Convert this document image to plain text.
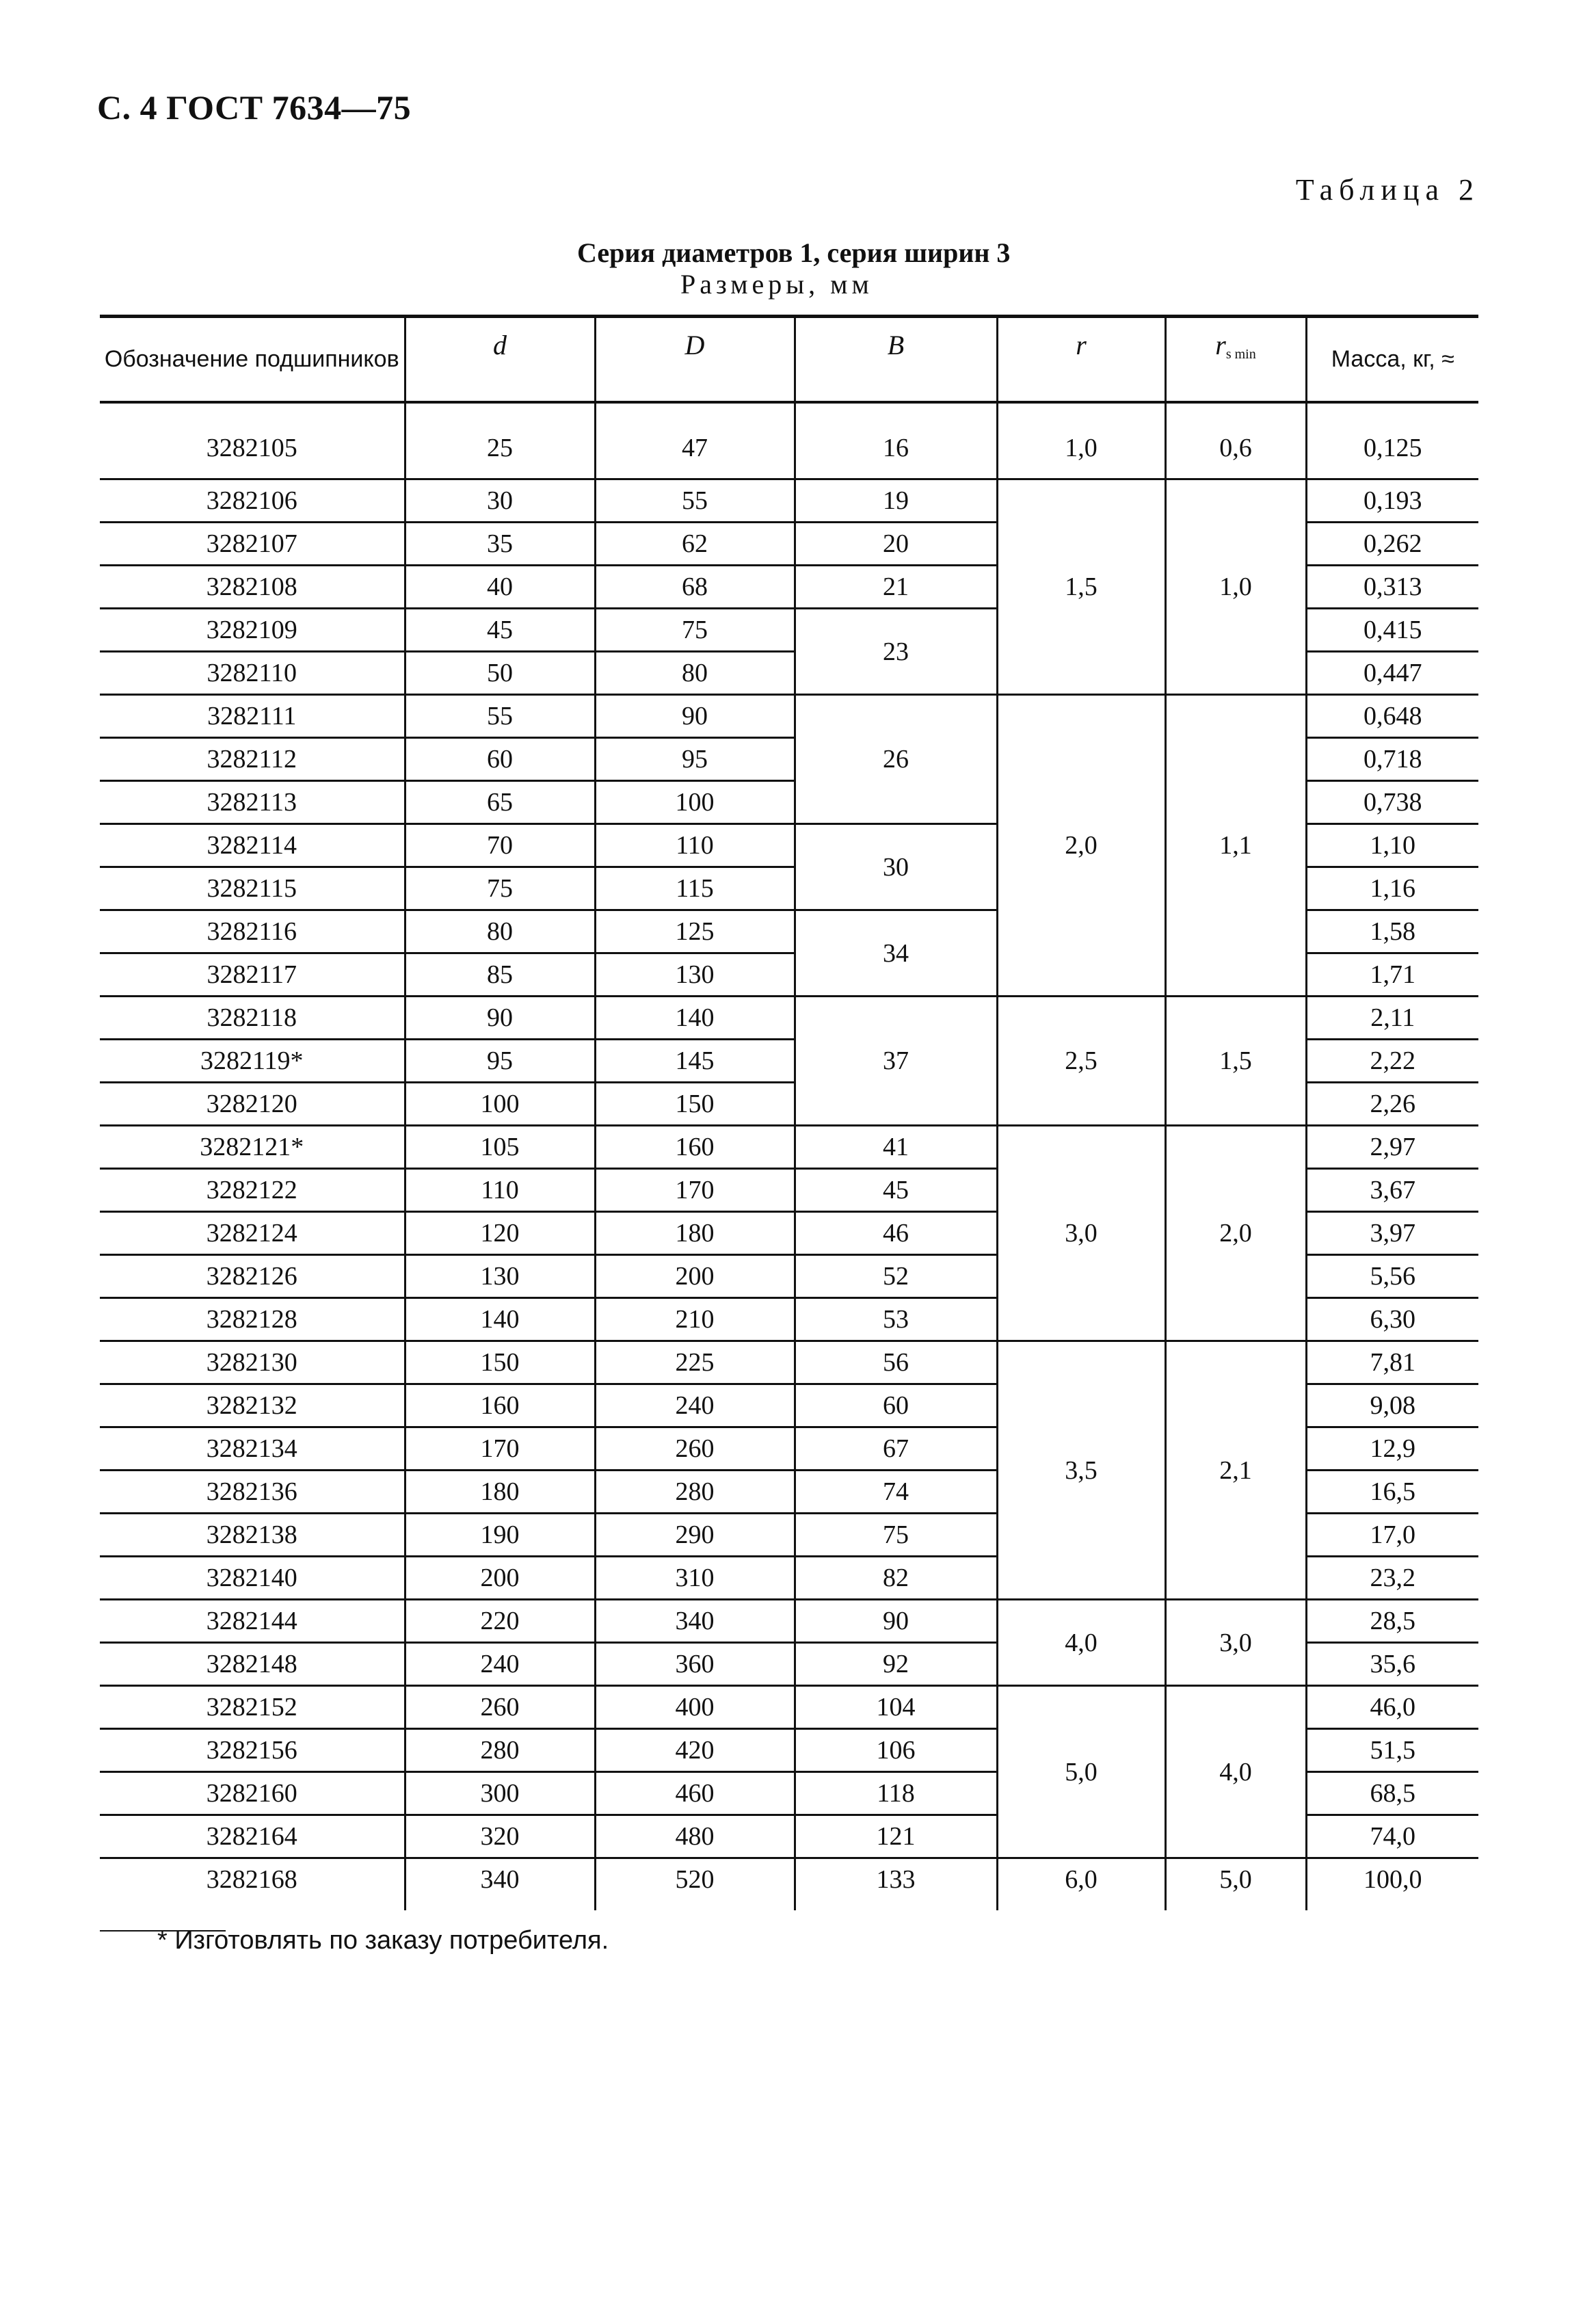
С. 4 ГОСТ 7634—75
Таблица 2
Серия диаметров 1, серия ширин 3
Размеры, мм
Обозначение подшипников	d	D	B	r	$r_{s min}$	Масса, кг, ≈
3282105	25	47	16	1,0	0,6	0,125
3282106	30	55	19	1,5	1,0	0,193
3282107	35	62	20			0,262
3282108	40	68	21			0,313
3282109	45	75	23			0,415
3282110	50	80				0,447
3282111	55	90	26	2,0	1,1	0,648
3282112	60	95				0,718
3282113	65	100				0,738
3282114	70	110	30			1,10
3282115	75	115				1,16
3282116	80	125	34			1,58
3282117	85	130				1,71
3282118	90	140	37	2,5	1,5	2,11
3282119*	95	145				2,22
3282120	100	150				2,26
3282121*	105	160	41	3,0	2,0	2,97
3282122	110	170	45			3,67
3282124	120	180	46			3,97
3282126	130	200	52			5,56
3282128	140	210	53			6,30
3282130	150	225	56	3,5	2,1	7,81
3282132	160	240	60			9,08
3282134	170	260	67			12,9
3282136	180	280	74			16,5
3282138	190	290	75			17,0
3282140	200	310	82			23,2
3282144	220	340	90	4,0	3,0	28,5
3282148	240	360	92			35,6
3282152	260	400	104	5,0	4,0	46,0
3282156	280	420	106			51,5
3282160	300	460	118			68,5
3282164	320	480	121			74,0
3282168	340	520	133	6,0	5,0	100,0
* Изготовлять по заказу потребителя.
